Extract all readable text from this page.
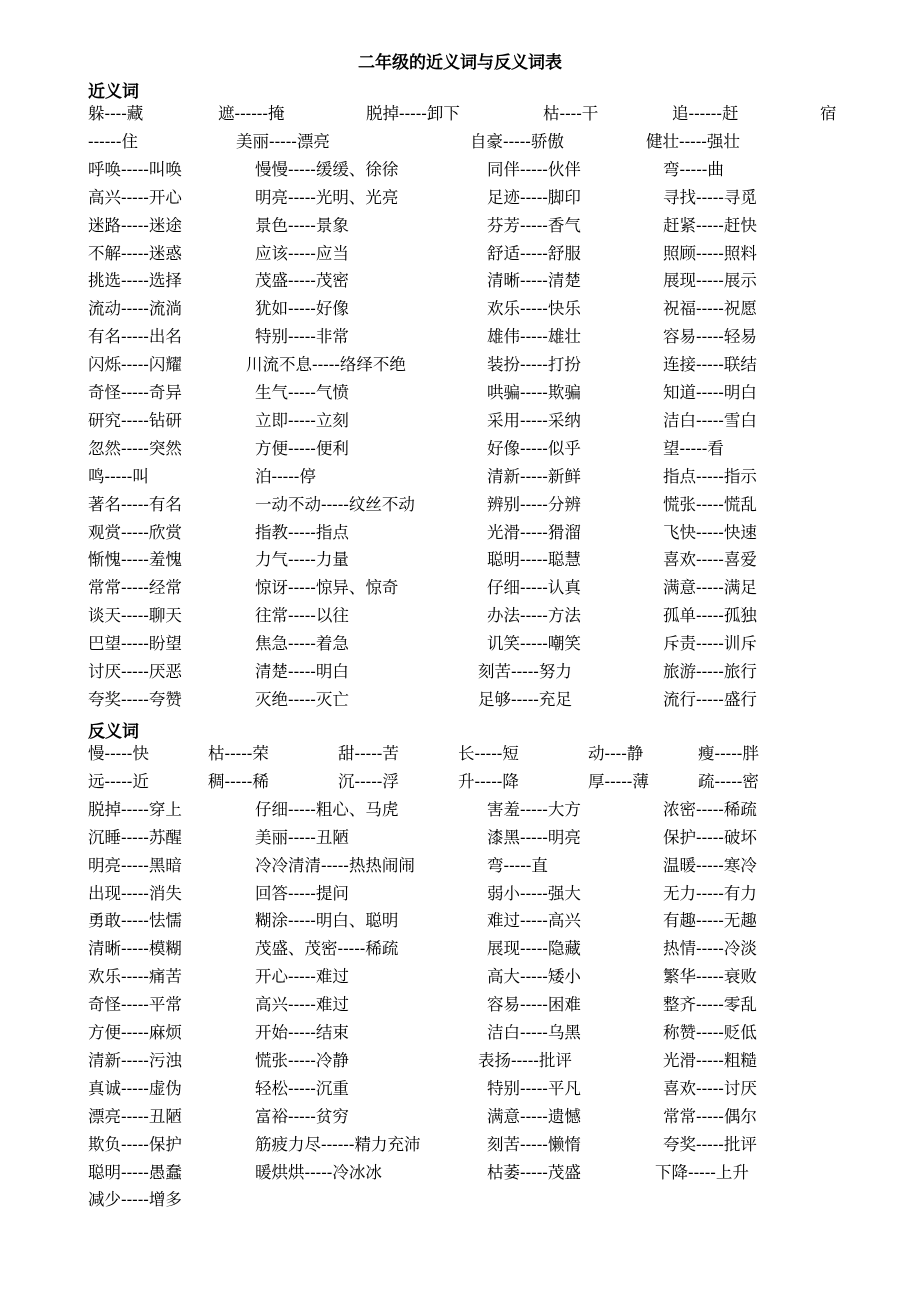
二年级的近义词与反义词表
近义词
躲----藏	遮------掩	脱掉-----卸下	枯----干	追------赶	宿
------住	美丽-----漂亮	自豪-----骄傲	健壮-----强壮
呼唤-----叫唤	慢慢-----缓缓、徐徐	同伴-----伙伴	弯-----曲
高兴-----开心	明亮-----光明、光亮	足迹-----脚印	寻找-----寻觅
迷路-----迷途	景色-----景象	芬芳-----香气	赶紧-----赶快
不解-----迷惑	应该-----应当	舒适-----舒服	照顾-----照料
挑选-----选择	茂盛-----茂密	清晰-----清楚	展现-----展示
流动-----流淌	犹如-----好像	欢乐-----快乐	祝福-----祝愿
有名-----出名	特别-----非常	雄伟-----雄壮	容易-----轻易
闪烁-----闪耀	川流不息-----络绎不绝	装扮-----打扮	连接-----联结
奇怪-----奇异	生气-----气愤	哄骗-----欺骗	知道-----明白
研究-----钻研	立即-----立刻	采用-----采纳	洁白-----雪白
忽然-----突然	方便-----便利	好像-----似乎	望-----看
鸣-----叫	泊-----停	清新-----新鲜	指点-----指示
著名-----有名	一动不动-----纹丝不动	辨别-----分辨	慌张-----慌乱
观赏-----欣赏	指教-----指点	光滑-----猾溜	飞快-----快速
惭愧-----羞愧	力气-----力量	聪明-----聪慧	喜欢-----喜爱
常常-----经常	惊讶-----惊异、惊奇	仔细-----认真	满意-----满足
谈天-----聊天	往常-----以往	办法-----方法	孤单-----孤独
巴望-----盼望	焦急-----着急	讥笑-----嘲笑	斥责-----训斥
讨厌-----厌恶	清楚-----明白	刻苦-----努力	旅游-----旅行
夸奖-----夸赞	灭绝-----灭亡	足够-----充足	流行-----盛行
反义词
慢-----快	枯-----荣	甜-----苦	长-----短	动----静	瘦-----胖
远-----近	稠-----稀	沉-----浮	升-----降	厚-----薄	疏-----密
脱掉-----穿上	仔细-----粗心、马虎	害羞-----大方	浓密-----稀疏
沉睡-----苏醒	美丽-----丑陋	漆黑-----明亮	保护-----破坏
明亮-----黑暗	冷冷清清-----热热闹闹	弯-----直	温暖-----寒冷
出现-----消失	回答-----提问	弱小-----强大	无力-----有力
勇敢-----怯懦	糊涂-----明白、聪明	难过-----高兴	有趣-----无趣
清晰-----模糊	茂盛、茂密-----稀疏	展现-----隐藏	热情-----冷淡
欢乐-----痛苦	开心-----难过	高大-----矮小	繁华-----衰败
奇怪-----平常	高兴-----难过	容易-----困难	整齐-----零乱
方便-----麻烦	开始-----结束	洁白-----乌黑	称赞-----贬低
清新-----污浊	慌张-----冷静	表扬-----批评	光滑-----粗糙
真诚-----虚伪	轻松-----沉重	特别-----平凡	喜欢-----讨厌
漂亮-----丑陋	富裕-----贫穷	满意-----遗憾	常常-----偶尔
欺负-----保护	筋疲力尽------精力充沛	刻苦-----懒惰	夸奖-----批评
聪明-----愚蠢	暖烘烘-----冷冰冰	枯萎-----茂盛	下降-----上升
减少-----增多
